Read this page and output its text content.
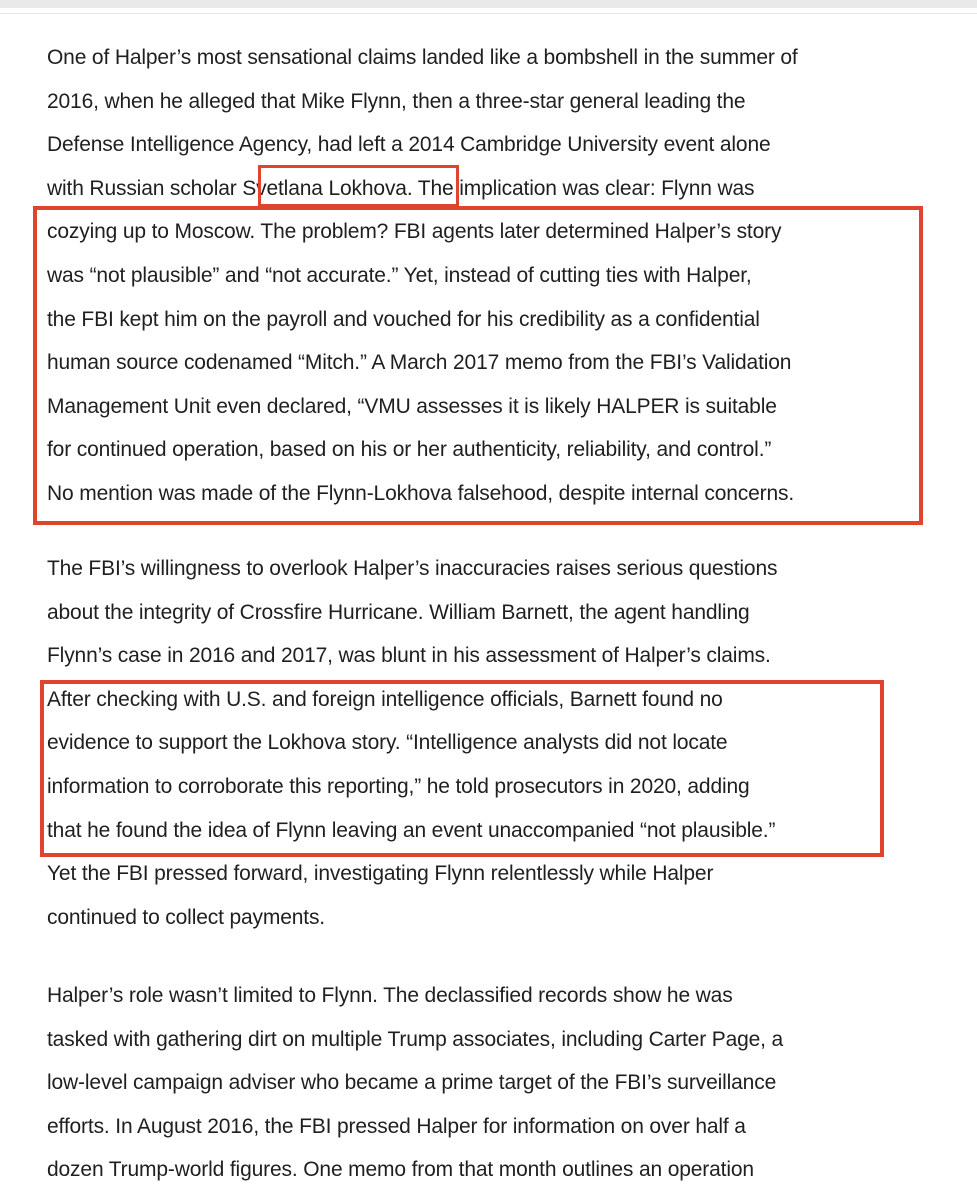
One of Halper’s most sensational claims landed like a bombshell in the summer of
2016, when he alleged that Mike Flynn, then a three-star general leading the
Defense Intelligence Agency, had left a 2014 Cambridge University event alone
with Russian scholar Svetlana Lokhova. The implication was clear: Flynn was
cozying up to Moscow. The problem? FBI agents later determined Halper’s story
was “not plausible” and “not accurate.” Yet, instead of cutting ties with Halper,
the FBI kept him on the payroll and vouched for his credibility as a confidential
human source codenamed “Mitch.” A March 2017 memo from the FBI’s Validation
Management Unit even declared, “VMU assesses it is likely HALPER is suitable
for continued operation, based on his or her authenticity, reliability, and control.”
No mention was made of the Flynn-Lokhova falsehood, despite internal concerns.

The FBI’s willingness to overlook Halper’s inaccuracies raises serious questions
about the integrity of Crossfire Hurricane. William Barnett, the agent handling
Flynn’s case in 2016 and 2017, was blunt in his assessment of Halper’s claims.
After checking with U.S. and foreign intelligence officials, Barnett found no
evidence to support the Lokhova story. “Intelligence analysts did not locate
information to corroborate this reporting,” he told prosecutors in 2020, adding
that he found the idea of Flynn leaving an event unaccompanied “not plausible.”
Yet the FBI pressed forward, investigating Flynn relentlessly while Halper
continued to collect payments.

Halper’s role wasn’t limited to Flynn. The declassified records show he was
tasked with gathering dirt on multiple Trump associates, including Carter Page, a
low-level campaign adviser who became a prime target of the FBI’s surveillance
efforts. In August 2016, the FBI pressed Halper for information on over half a
dozen Trump-world figures. One memo from that month outlines an operation
